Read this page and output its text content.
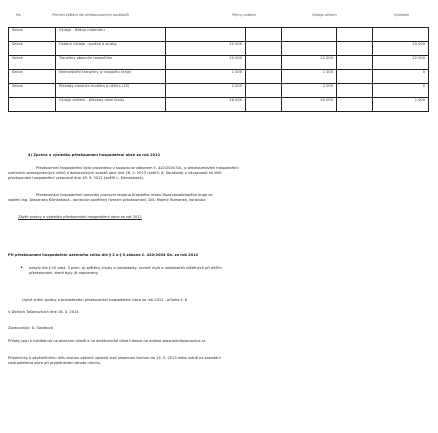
Hp	Přehled zjištění dle přezkoumaných podkladů	Příjmy celkem	Výdaje celkem	Výsledek
Sekce	Výdaje - Nákup materiálu					
Sekce	Ostatní výdaje - správa a služby	20 000				20 000
Sekce	Transfery obecním rozpočtům	20 000		22 000		22 000
Sekce	Neinvestiční transfery (z rozpočtu kraje)	1 000		1 000		0
Sekce	Převody vlastním fondům a účtům (25)	2 000		2 000		0
	Výdaje celkem - převody mezi fondy	46 000		45 000		1 000
4) Zpráva o výsledku přezkoumání hospodaření obce za rok 2012
Přezkoumání hospodaření bylo provedeno v souladu se zákonem č. 420/2004 Sb., o přezkoumávání hospodaření
územních samosprávných celků a dobrovolných svazků obcí dne 26. 2. 2013 (ověřil: X. Sarošová) v návaznosti na dílčí
přezkoumání hospodaření vykonané dne 18. 9. 2012 (ověřil L. Klimánková).
Přezkoumání hospodaření provedla pracovní skupina Krajského úřadu Moravskoslezského kraje ve
složení Ing. Alexandra Klimánková - kontrolor pověřený řízením přezkoumání, DiS. Majmír Romanek, kontrolor.
Závěr zprávy o výsledku přezkoumání hospodaření obce za rok 2012
Při přezkoumání hospodaření územního celku dle § 2 a § 3 zákona č. 420/2004 Sb. za rok 2012
• nebyly dle § 10 odst. 3 písm. a) zjištěny chyby a nedostatky, kromě chyb a nedostatků zjištěných při dílčím
přezkoumání, které byly již napraveny.
Úplné znění zprávy o provedeném přezkoumání hospodaření obce za rok 2012 - příloha č. 6
V Dolních Tošanovicích dne 16. 4. 2013
Zpracoval/a: X. Sarošová
Přílohy jsou k nahlédnutí na obecním úřadě a na elektronické úřední desce na adrese www.dolnitosanovice.cz
Připomínky k závěrečnému účtu mohou občané uplatnit buď písemnou formou do 15. 5. 2013 nebo ústně na zasedání
zastupitelstva obce při projednávání tohoto návrhu.
